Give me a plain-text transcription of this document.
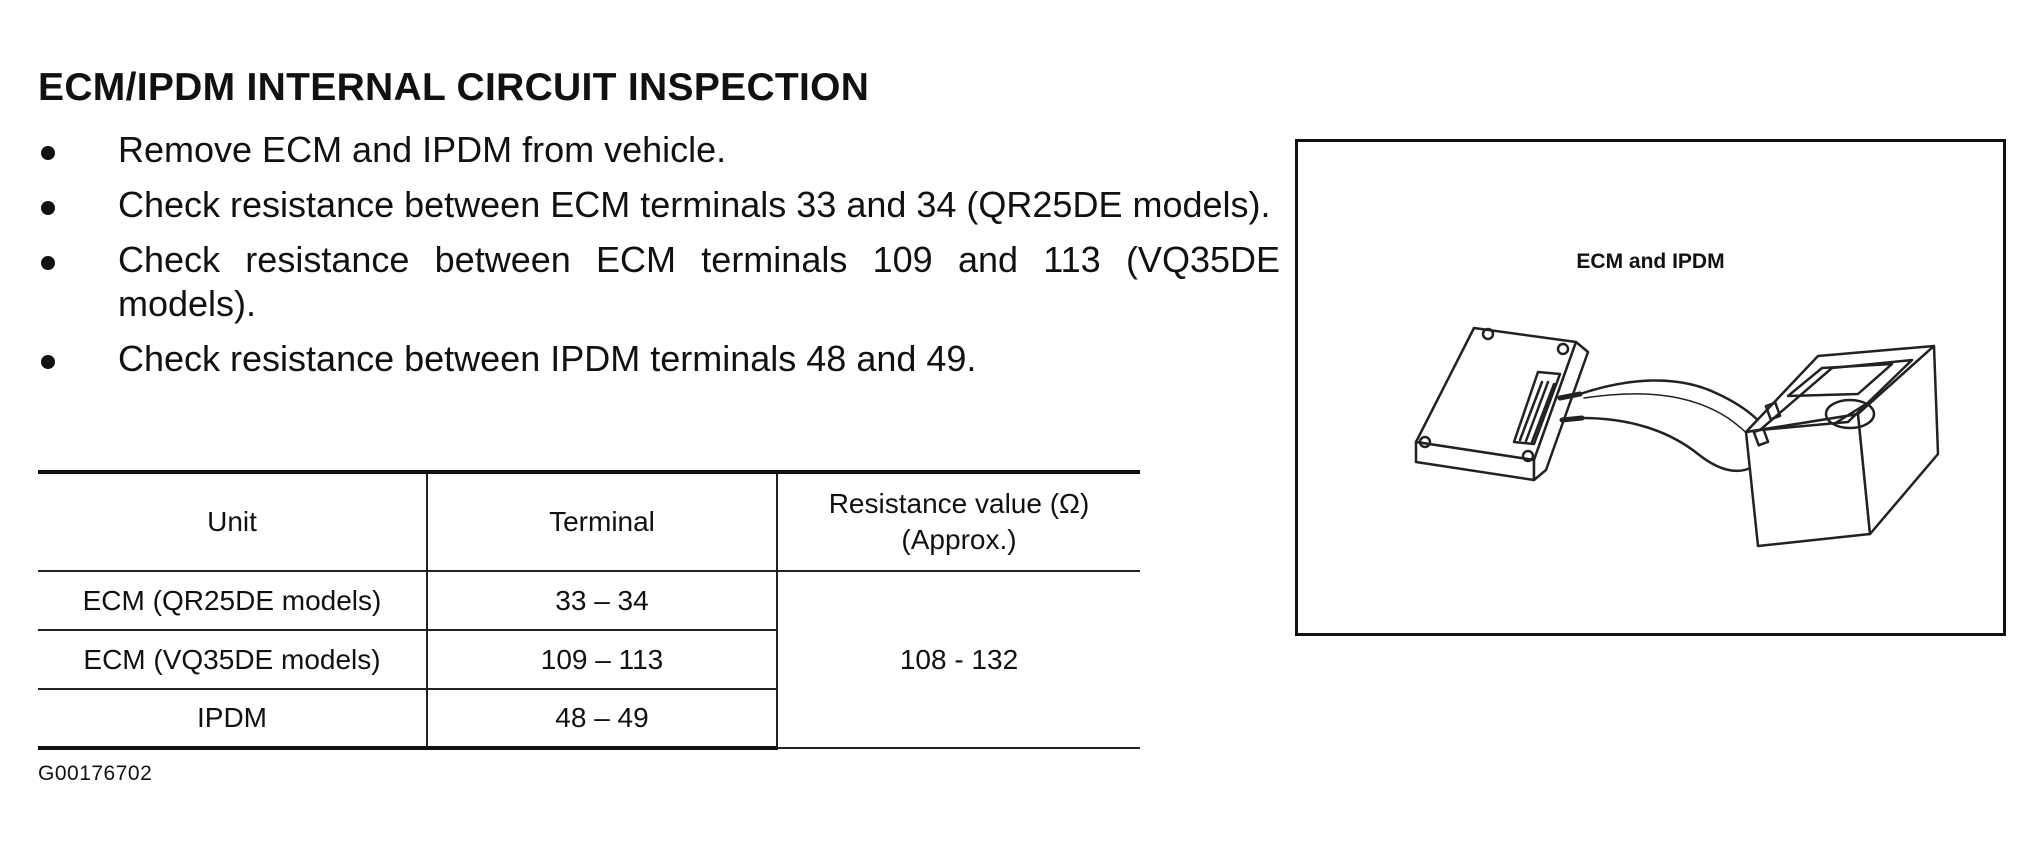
ECM/IPDM INTERNAL CIRCUIT INSPECTION
Remove ECM and IPDM from vehicle.
Check resistance between ECM terminals 33 and 34 (QR25DE models).
Check resistance between ECM terminals 109 and 113 (VQ35DE models).
Check resistance between IPDM terminals 48 and 49.
Unit	Terminal	Resistance value (Ω)
(Approx.)

ECM (QR25DE models)	33 – 34	108 - 132
ECM (VQ35DE models)	109 – 113	
IPDM	48 – 49	
G00176702
ECM and IPDM
